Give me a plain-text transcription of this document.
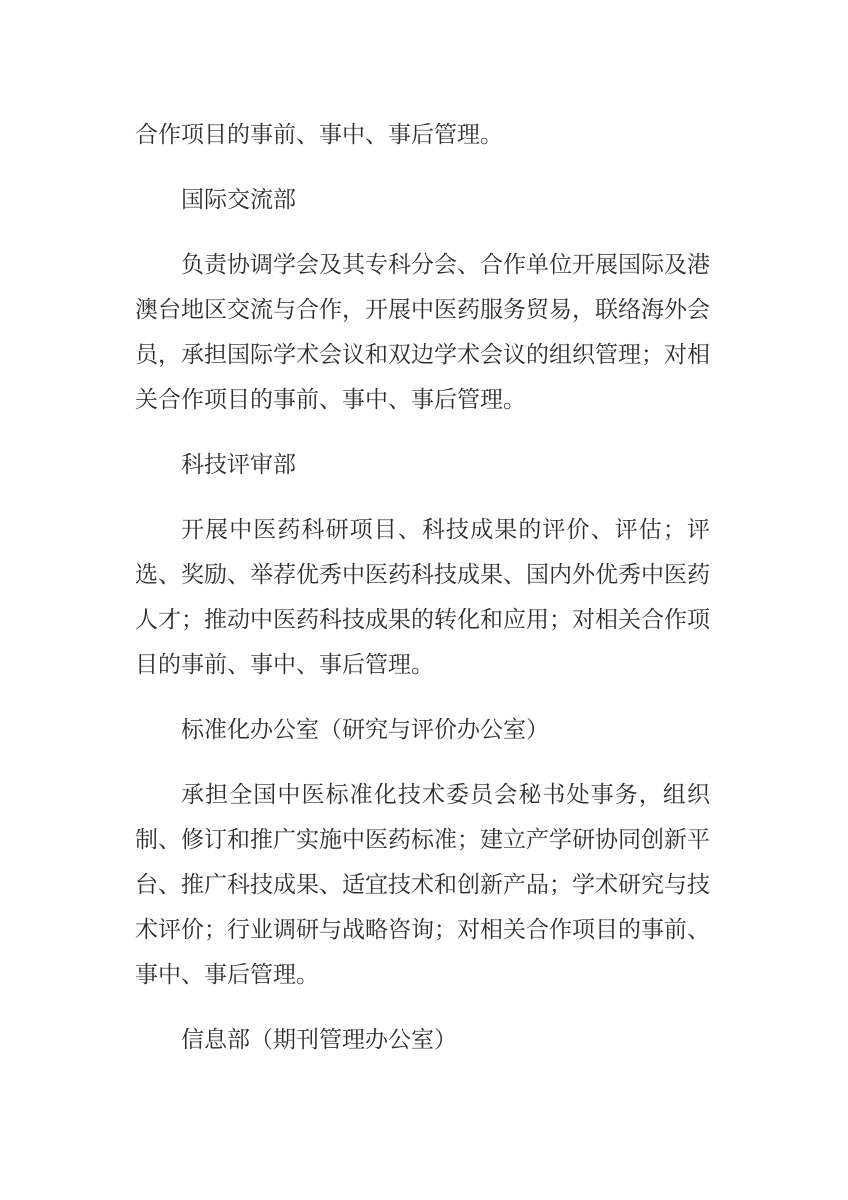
合作项目的事前、事中、事后管理。

国际交流部

负责协调学会及其专科分会、合作单位开展国际及港澳台地区交流与合作，开展中医药服务贸易，联络海外会员，承担国际学术会议和双边学术会议的组织管理；对相关合作项目的事前、事中、事后管理。

科技评审部

开展中医药科研项目、科技成果的评价、评估；评选、奖励、举荐优秀中医药科技成果、国内外优秀中医药人才；推动中医药科技成果的转化和应用；对相关合作项目的事前、事中、事后管理。

标准化办公室（研究与评价办公室）

承担全国中医标准化技术委员会秘书处事务，组织制、修订和推广实施中医药标准；建立产学研协同创新平台、推广科技成果、适宜技术和创新产品；学术研究与技术评价；行业调研与战略咨询；对相关合作项目的事前、事中、事后管理。

信息部（期刊管理办公室）
